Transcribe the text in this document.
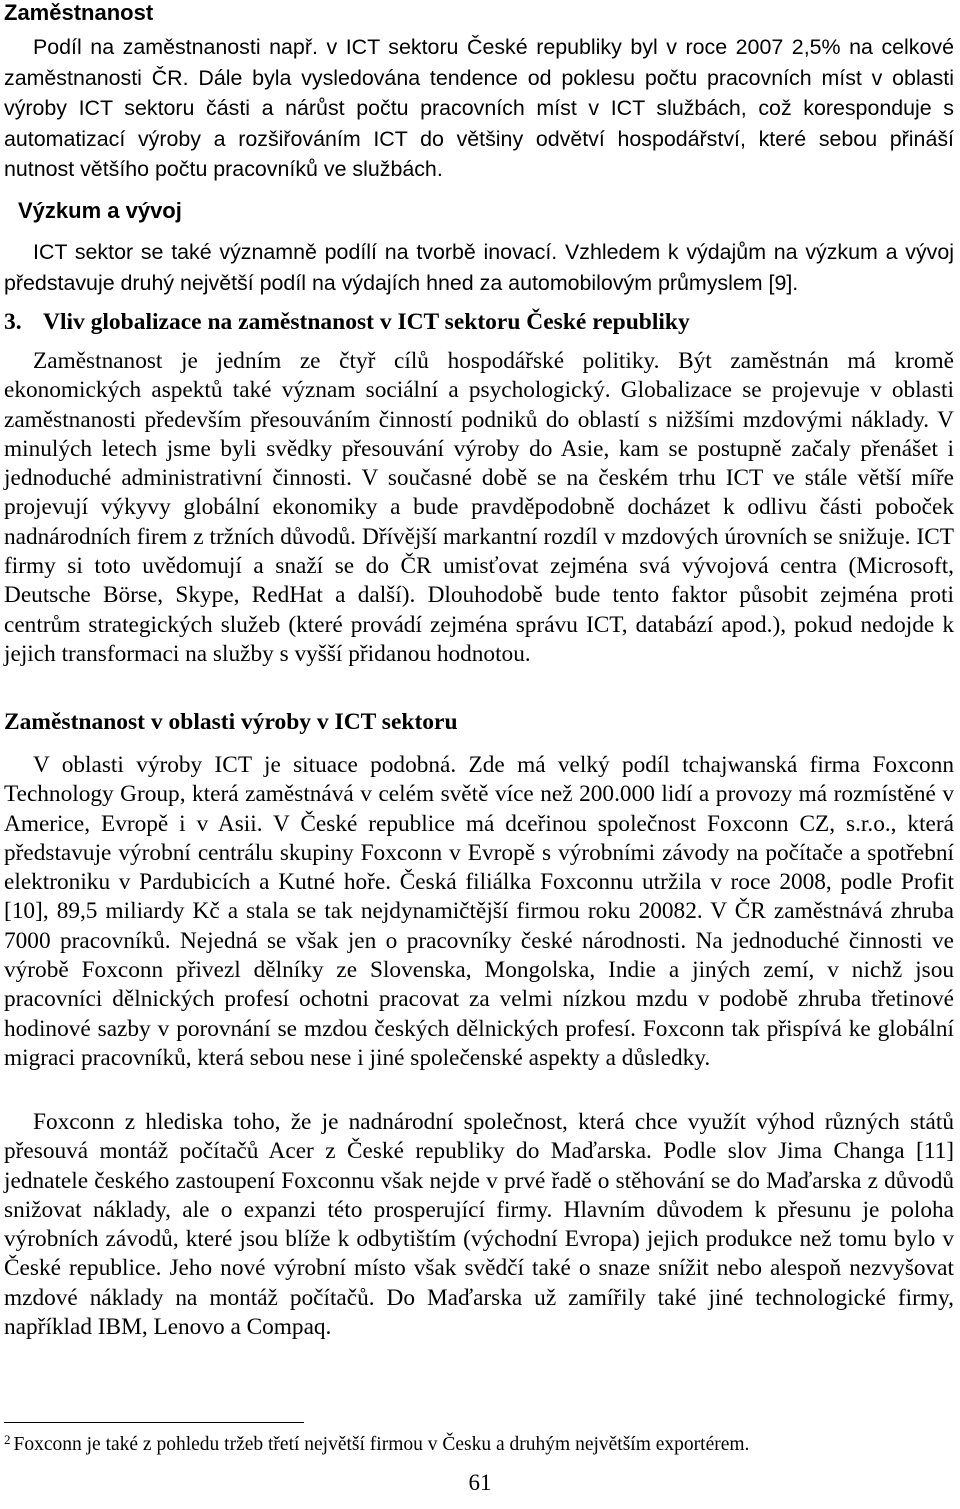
Zaměstnanost

Podíl na zaměstnanosti např. v ICT sektoru České republiky byl v roce 2007 2,5% na celkové zaměstnanosti ČR. Dále byla vysledována tendence od poklesu počtu pracovních míst v oblasti výroby ICT sektoru části a nárůst počtu pracovních míst v ICT službách, což koresponduje s automatizací výroby a rozšiřováním ICT do většiny odvětví hospodářství, které sebou přináší nutnost většího počtu pracovníků ve službách.

Výzkum a vývoj

ICT sektor se také významně podílí na tvorbě inovací. Vzhledem k výdajům na výzkum a vývoj představuje druhý největší podíl na výdajích hned za automobilovým průmyslem [9].

3. Vliv globalizace na zaměstnanost v ICT sektoru České republiky

Zaměstnanost je jedním ze čtyř cílů hospodářské politiky. Být zaměstnán má kromě ekonomických aspektů také význam sociální a psychologický. Globalizace se projevuje v oblasti zaměstnanosti především přesouváním činností podniků do oblastí s nižšími mzdovými náklady. V minulých letech jsme byli svědky přesouvání výroby do Asie, kam se postupně začaly přenášet i jednoduché administrativní činnosti. V současné době se na českém trhu ICT ve stále větší míře projevují výkyvy globální ekonomiky a bude pravděpodobně docházet k odlivu části poboček nadnárodních firem z tržních důvodů. Dřívější markantní rozdíl v mzdových úrovních se snižuje. ICT firmy si toto uvědomují a snaží se do ČR umisťovat zejména svá vývojová centra (Microsoft, Deutsche Börse, Skype, RedHat a další). Dlouhodobě bude tento faktor působit zejména proti centrům strategických služeb (které provádí zejména správu ICT, databází apod.), pokud nedojde k jejich transformaci na služby s vyšší přidanou hodnotou.

Zaměstnanost v oblasti výroby v ICT sektoru

V oblasti výroby ICT je situace podobná. Zde má velký podíl tchajwanská firma Foxconn Technology Group, která zaměstnává v celém světě více než 200.000 lidí a provozy má rozmístěné v Americe, Evropě i v Asii. V České republice má dceřinou společnost Foxconn CZ, s.r.o., která představuje výrobní centrálu skupiny Foxconn v Evropě s výrobními závody na počítače a spotřební elektroniku v Pardubicích a Kutné hoře. Česká filiálka Foxconnu utržila v roce 2008, podle Profit [10], 89,5 miliardy Kč a stala se tak nejdynamičtější firmou roku 20082. V ČR zaměstnává zhruba 7000 pracovníků. Nejedná se však jen o pracovníky české národnosti. Na jednoduché činnosti ve výrobě Foxconn přivezl dělníky ze Slovenska, Mongolska, Indie a jiných zemí, v nichž jsou pracovníci dělnických profesí ochotni pracovat za velmi nízkou mzdu v podobě zhruba třetinové hodinové sazby v porovnání se mzdou českých dělnických profesí. Foxconn tak přispívá ke globální migraci pracovníků, která sebou nese i jiné společenské aspekty a důsledky.

Foxconn z hlediska toho, že je nadnárodní společnost, která chce využít výhod různých států přesouvá montáž počítačů Acer z České republiky do Maďarska. Podle slov Jima Changa [11] jednatele českého zastoupení Foxconnu však nejde v prvé řadě o stěhování se do Maďarska z důvodů snižovat náklady, ale o expanzi této prosperující firmy. Hlavním důvodem k přesunu je poloha výrobních závodů, které jsou blíže k odbytištím (východní Evropa) jejich produkce než tomu bylo v České republice. Jeho nové výrobní místo však svědčí také o snaze snížit nebo alespoň nezvyšovat mzdové náklady na montáž počítačů. Do Maďarska už zamířily také jiné technologické firmy, například IBM, Lenovo a Compaq.

$^2$ Foxconn je také z pohledu tržeb třetí největší firmou v Česku a druhým největším exportérem.
61
